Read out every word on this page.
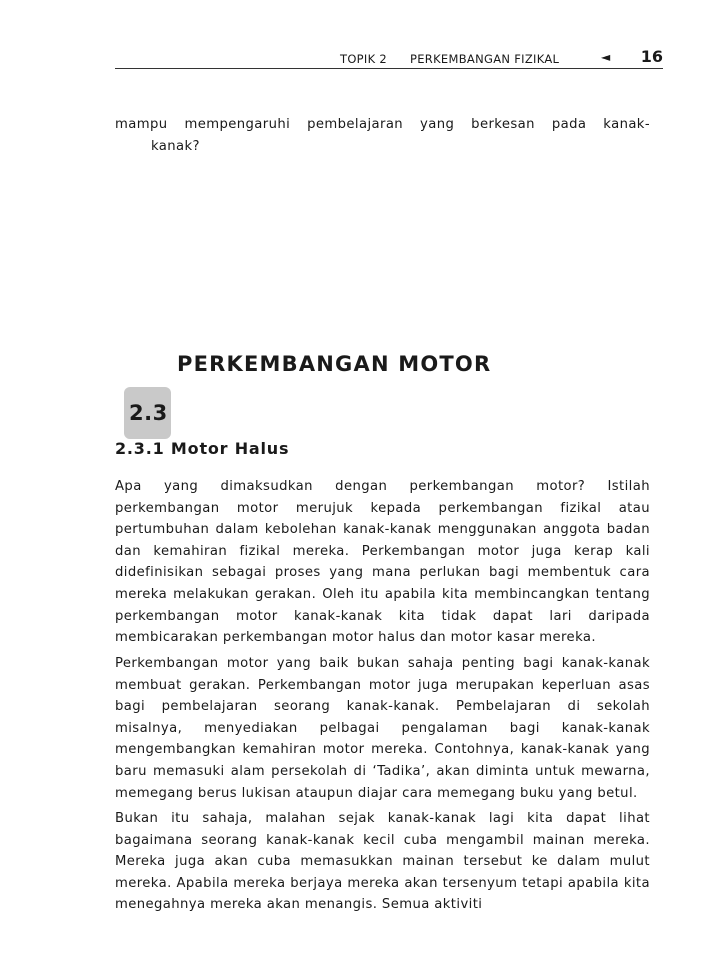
TOPIK 2 PERKEMBANGAN FIZIKAL	◄ 16
mampu mempengaruhi pembelajaran yang berkesan pada kanak-
kanak?
PERKEMBANGAN MOTOR
2.3
2.3.1 Motor Halus

Apa yang dimaksudkan dengan perkembangan motor? Istilah perkembangan motor merujuk kepada perkembangan fizikal atau pertumbuhan dalam kebolehan kanak-kanak menggunakan anggota badan dan kemahiran fizikal mereka. Perkembangan motor juga kerap kali didefinisikan sebagai proses yang mana perlukan bagi membentuk cara mereka melakukan gerakan. Oleh itu apabila kita membincangkan tentang perkembangan motor kanak-kanak kita tidak dapat lari daripada membicarakan perkembangan motor halus dan motor kasar mereka.

Perkembangan motor yang baik bukan sahaja penting bagi kanak-kanak membuat gerakan. Perkembangan motor juga merupakan keperluan asas bagi pembelajaran seorang kanak-kanak. Pembelajaran di sekolah misalnya, menyediakan pelbagai pengalaman bagi kanak-kanak mengembangkan kemahiran motor mereka. Contohnya, kanak-kanak yang baru memasuki alam persekolah di ‘Tadika’, akan diminta untuk mewarna, memegang berus lukisan ataupun diajar cara memegang buku yang betul.

Bukan itu sahaja, malahan sejak kanak-kanak lagi kita dapat lihat bagaimana seorang kanak-kanak kecil cuba mengambil mainan mereka. Mereka juga akan cuba memasukkan mainan tersebut ke dalam mulut mereka. Apabila mereka berjaya mereka akan tersenyum tetapi apabila kita menegahnya mereka akan menangis. Semua aktiviti
